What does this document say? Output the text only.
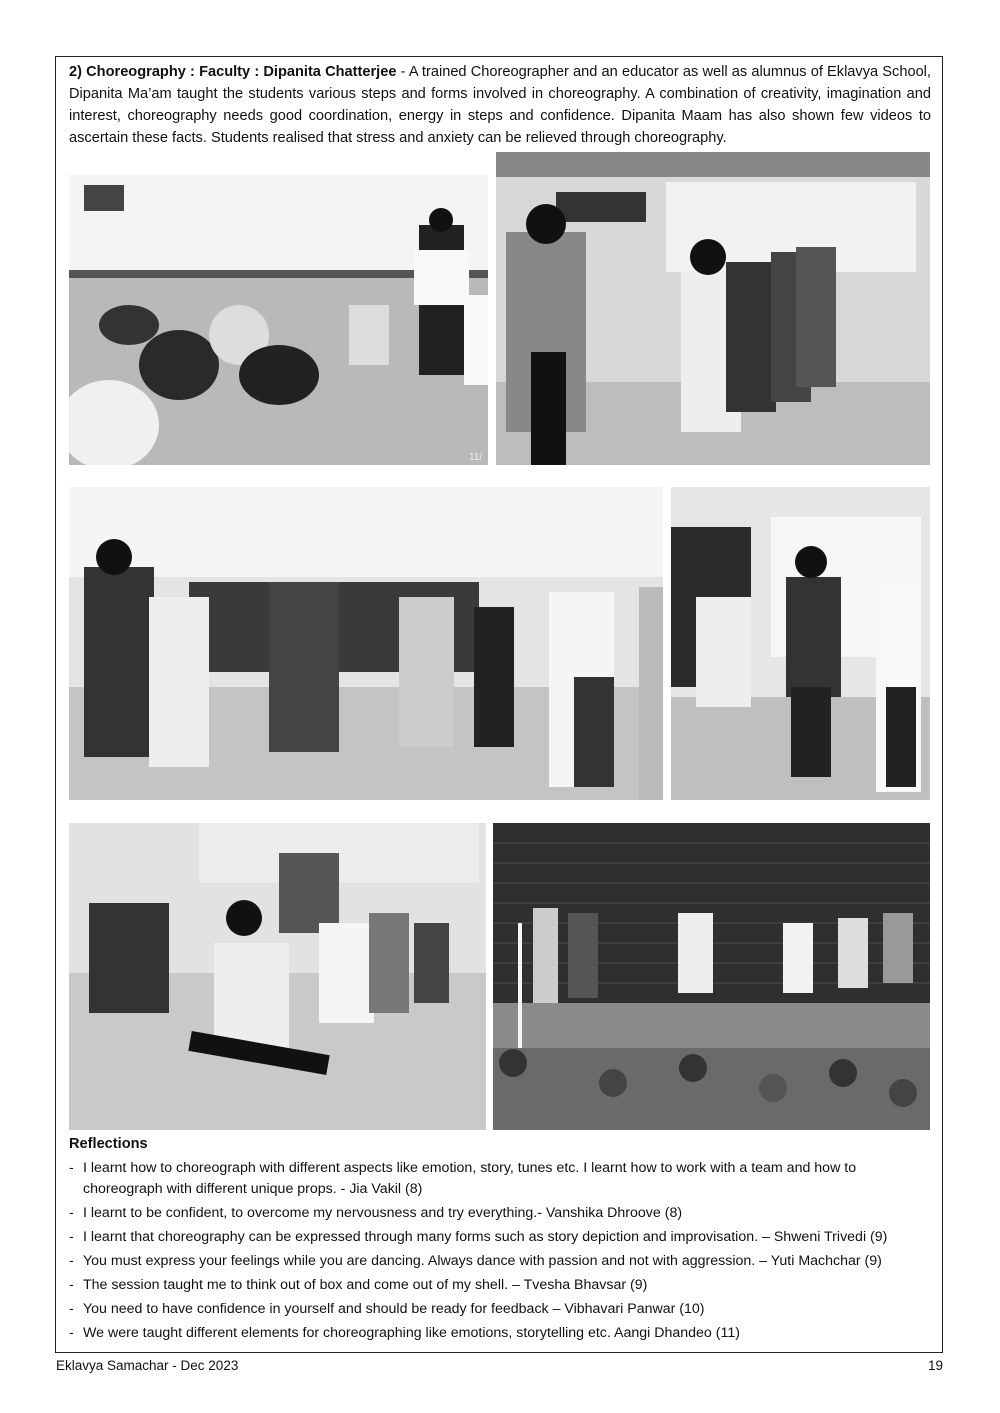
2) Choreography : Faculty : Dipanita Chatterjee - A trained Choreographer and an educator as well as alumnus of Eklavya School, Dipanita Ma’am taught the students various steps and forms involved in choreography. A combination of creativity, imagination and interest, choreography needs good coordination, energy in steps and confidence. Dipanita Maam has also shown few videos to ascertain these facts. Students realised that stress and anxiety can be relieved through choreography.

11/

Reflections

- I learnt how to choreograph with different aspects like emotion, story, tunes etc. I learnt how to work with a team and how to choreograph with different unique props. - Jia Vakil (8)
- I learnt to be confident, to overcome my nervousness and try everything.- Vanshika Dhroove (8)
- I learnt that choreography can be expressed through many forms such as story depiction and improvisation. – Shweni Trivedi (9)
- You must express your feelings while you are dancing. Always dance with passion and not with aggression. – Yuti Machchar (9)
- The session taught me to think out of box and come out of my shell. – Tvesha Bhavsar (9)
- You need to have confidence in yourself and should be ready for feedback – Vibhavari Panwar (10)
- We were taught different elements for choreographing like emotions, storytelling etc. Aangi Dhandeo (11)
Eklavya Samachar - Dec 2023	19
